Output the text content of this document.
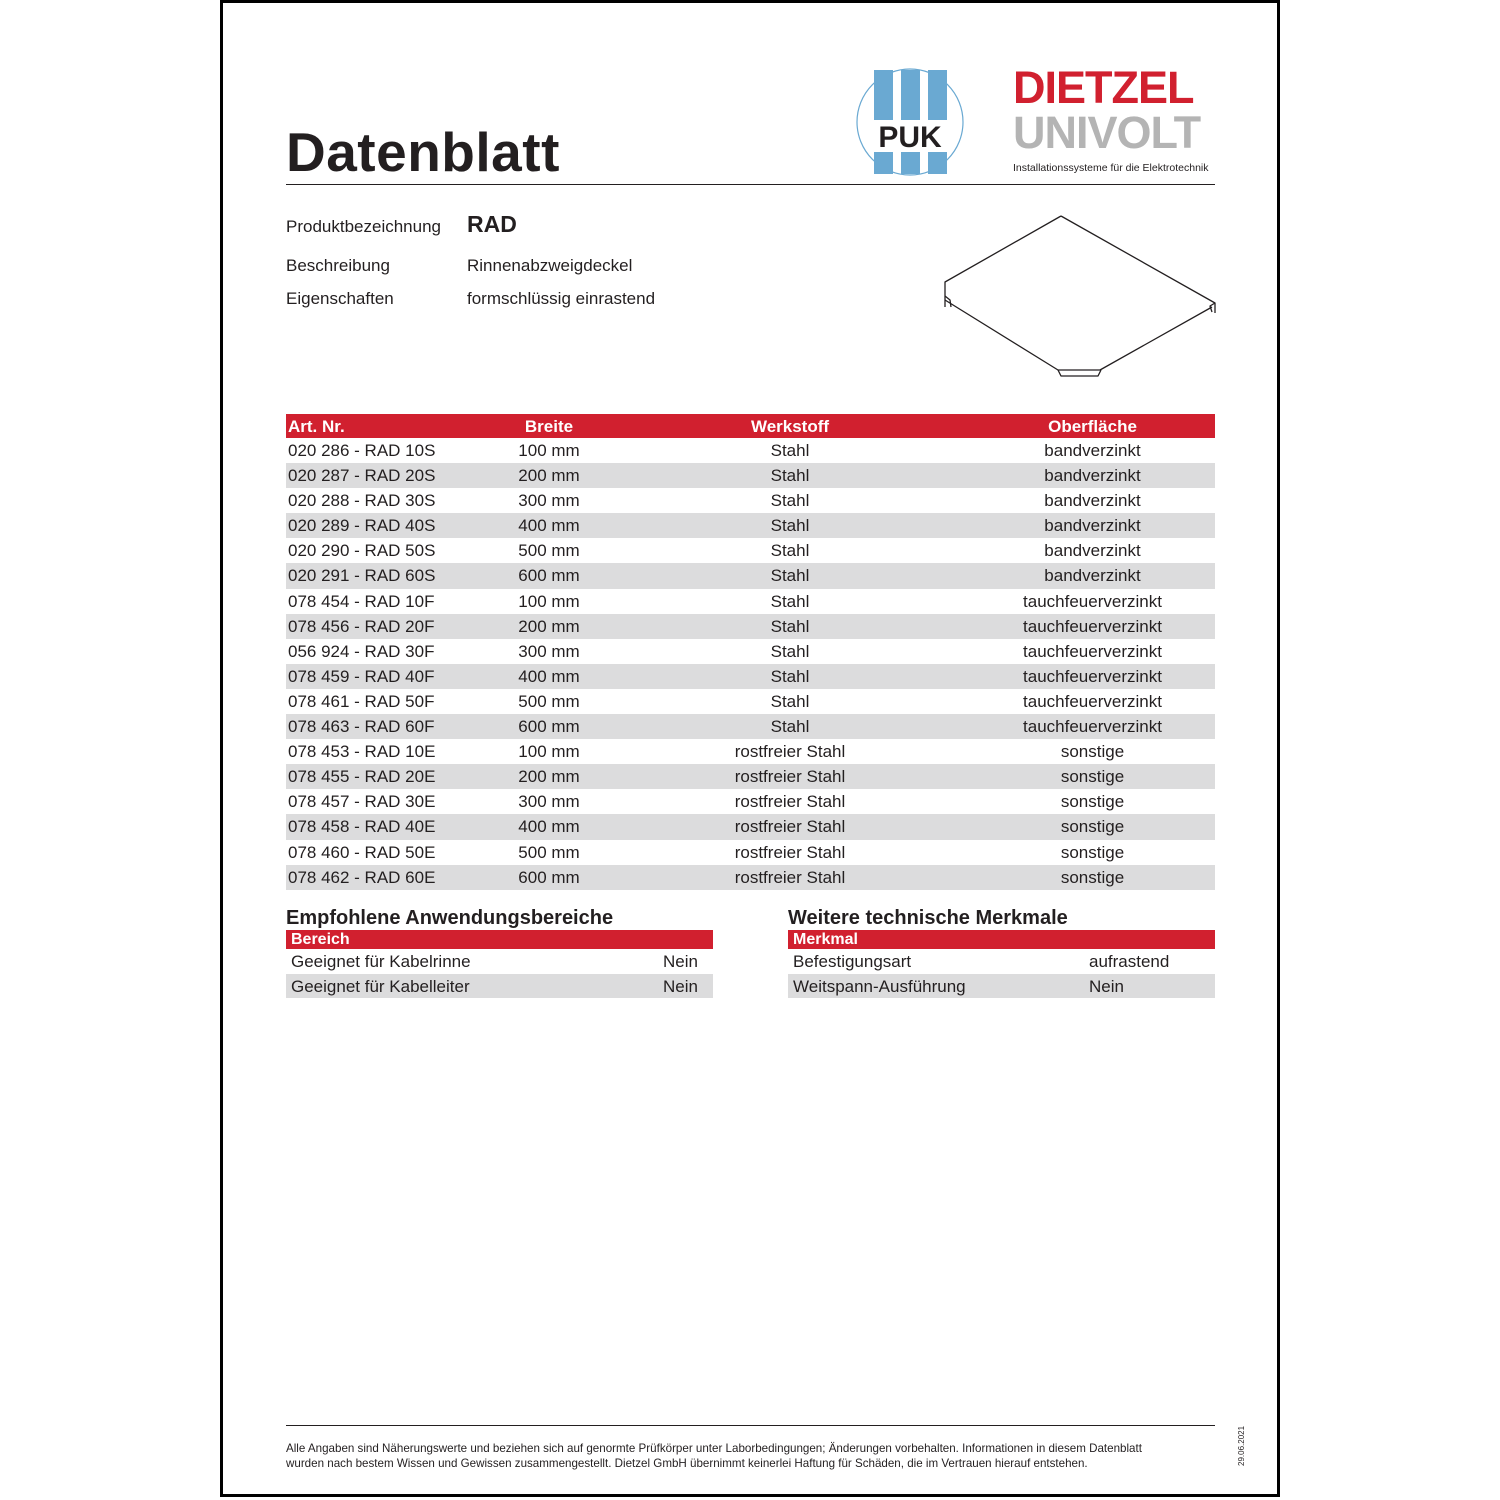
Datenblatt	PUK
DIETZEL
UNIVOLT
Installationssysteme für die Elektrotechnik
Produktbezeichnung RAD
Beschreibung	Rinnenabzweigdeckel
Eigenschaften	formschlüssig einrastend
Art. Nr.	Breite	Werkstoff	Oberfläche
020 286 - RAD 10S	100 mm	Stahl	bandverzinkt
020 287 - RAD 20S	200 mm	Stahl	bandverzinkt
020 288 - RAD 30S	300 mm	Stahl	bandverzinkt
020 289 - RAD 40S	400 mm	Stahl	bandverzinkt
020 290 - RAD 50S	500 mm	Stahl	bandverzinkt
020 291 - RAD 60S	600 mm	Stahl	bandverzinkt
078 454 - RAD 10F	100 mm	Stahl	tauchfeuerverzinkt
078 456 - RAD 20F	200 mm	Stahl	tauchfeuerverzinkt
056 924 - RAD 30F	300 mm	Stahl	tauchfeuerverzinkt
078 459 - RAD 40F	400 mm	Stahl	tauchfeuerverzinkt
078 461 - RAD 50F	500 mm	Stahl	tauchfeuerverzinkt
078 463 - RAD 60F	600 mm	Stahl	tauchfeuerverzinkt
078 453 - RAD 10E	100 mm	rostfreier Stahl	sonstige
078 455 - RAD 20E	200 mm	rostfreier Stahl	sonstige
078 457 - RAD 30E	300 mm	rostfreier Stahl	sonstige
078 458 - RAD 40E	400 mm	rostfreier Stahl	sonstige
078 460 - RAD 50E	500 mm	rostfreier Stahl	sonstige
078 462 - RAD 60E	600 mm	rostfreier Stahl	sonstige
Empfohlene Anwendungsbereiche
Bereich
Geeignet für Kabelrinne	Nein
Geeignet für Kabelleiter	Nein
Weitere technische Merkmale
Merkmal
Befestigungsart	aufrastend
Weitspann-Ausführung	Nein
Alle Angaben sind Näherungswerte und beziehen sich auf genormte Prüfkörper unter Laborbedingungen; Änderungen vorbehalten. Informationen in diesem Datenblatt
wurden nach bestem Wissen und Gewissen zusammengestellt. Dietzel GmbH übernimmt keinerlei Haftung für Schäden, die im Vertrauen hierauf entstehen.	29.06.2021
